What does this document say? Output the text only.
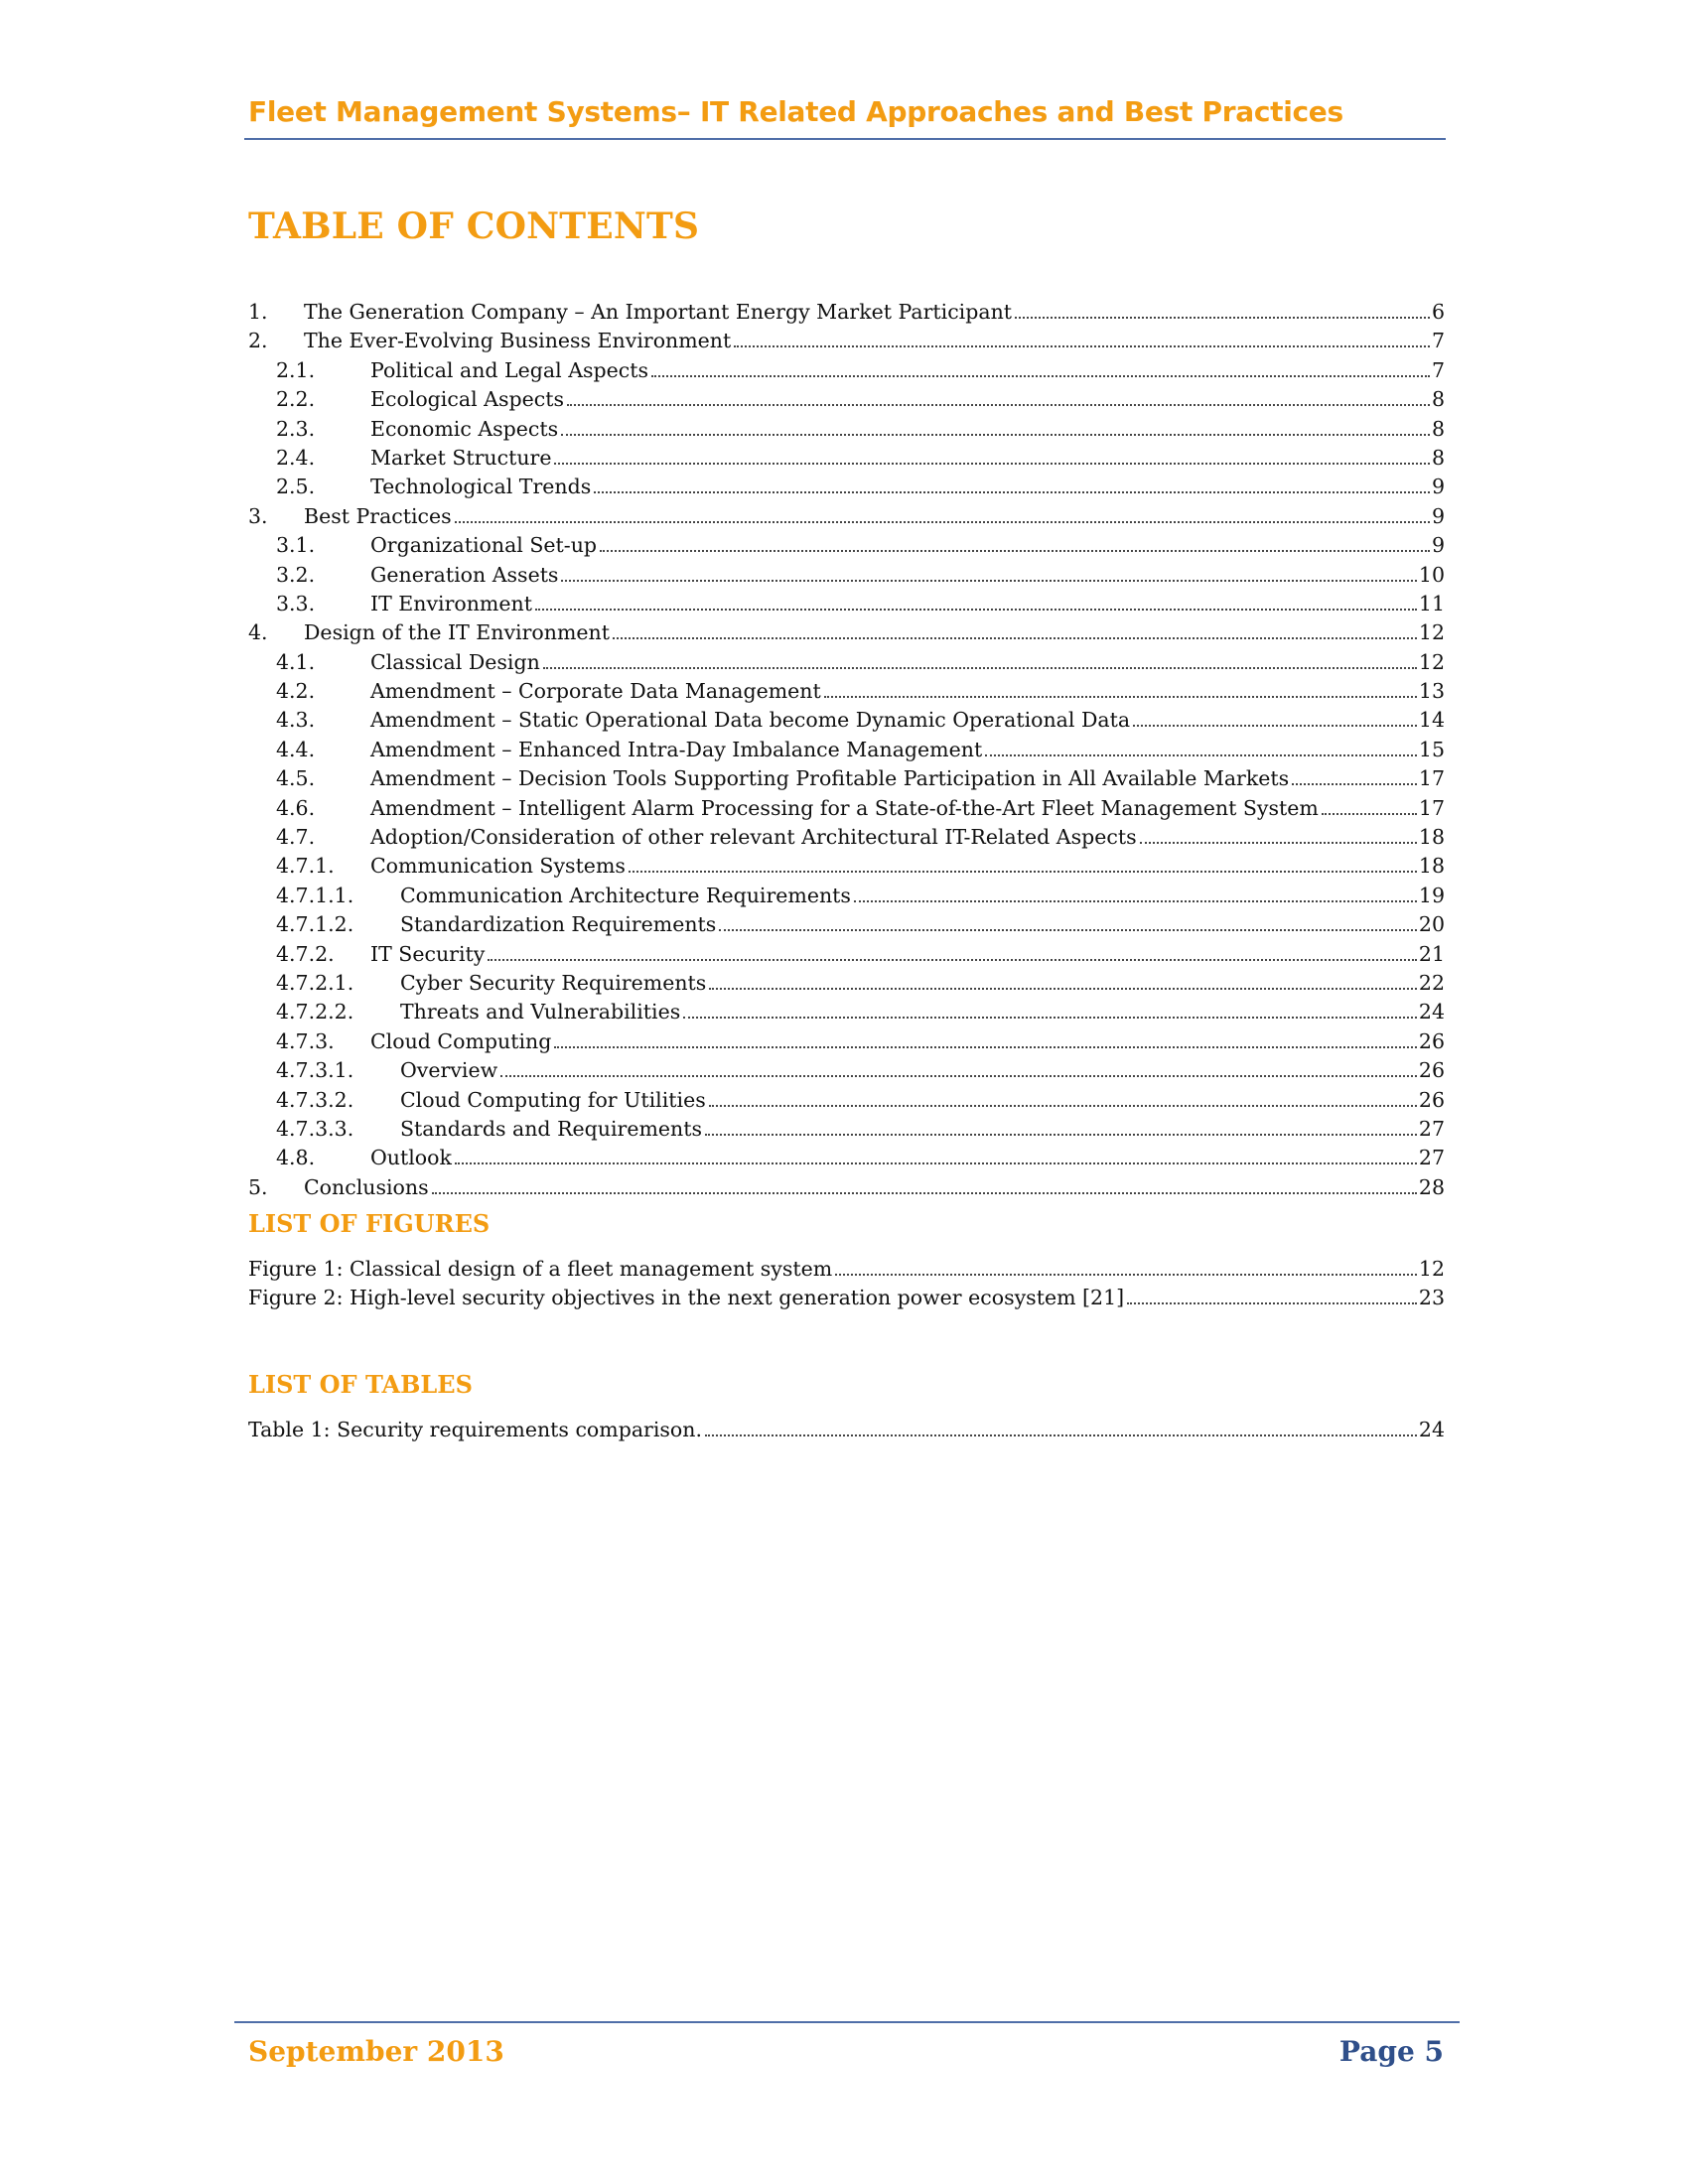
Fleet Management Systems– IT Related Approaches and Best Practices
TABLE OF CONTENTS
1.	The Generation Company – An Important Energy Market Participant	6
2.	The Ever-Evolving Business Environment	7
2.1.	Political and Legal Aspects	7
2.2.	Ecological Aspects	8
2.3.	Economic Aspects	8
2.4.	Market Structure	8
2.5.	Technological Trends	9
3.	Best Practices	9
3.1.	Organizational Set-up	9
3.2.	Generation Assets	10
3.3.	IT Environment	11
4.	Design of the IT Environment	12
4.1.	Classical Design	12
4.2.	Amendment – Corporate Data Management	13
4.3.	Amendment – Static Operational Data become Dynamic Operational Data	14
4.4.	Amendment – Enhanced Intra-Day Imbalance Management	15
4.5.	Amendment – Decision Tools Supporting Profitable Participation in All Available Markets	17
4.6.	Amendment – Intelligent Alarm Processing for a State-of-the-Art Fleet Management System	17
4.7.	Adoption/Consideration of other relevant Architectural IT-Related Aspects	18
4.7.1.	Communication Systems	18
4.7.1.1.	Communication Architecture Requirements	19
4.7.1.2.	Standardization Requirements	20
4.7.2.	IT Security	21
4.7.2.1.	Cyber Security Requirements	22
4.7.2.2.	Threats and Vulnerabilities	24
4.7.3.	Cloud Computing	26
4.7.3.1.	Overview	26
4.7.3.2.	Cloud Computing for Utilities	26
4.7.3.3.	Standards and Requirements	27
4.8.	Outlook	27
5.	Conclusions	28
LIST OF FIGURES
Figure 1: Classical design of a fleet management system	12
Figure 2: High-level security objectives in the next generation power ecosystem [21]	23
LIST OF TABLES
Table 1: Security requirements comparison.	24
September 2013	Page 5
